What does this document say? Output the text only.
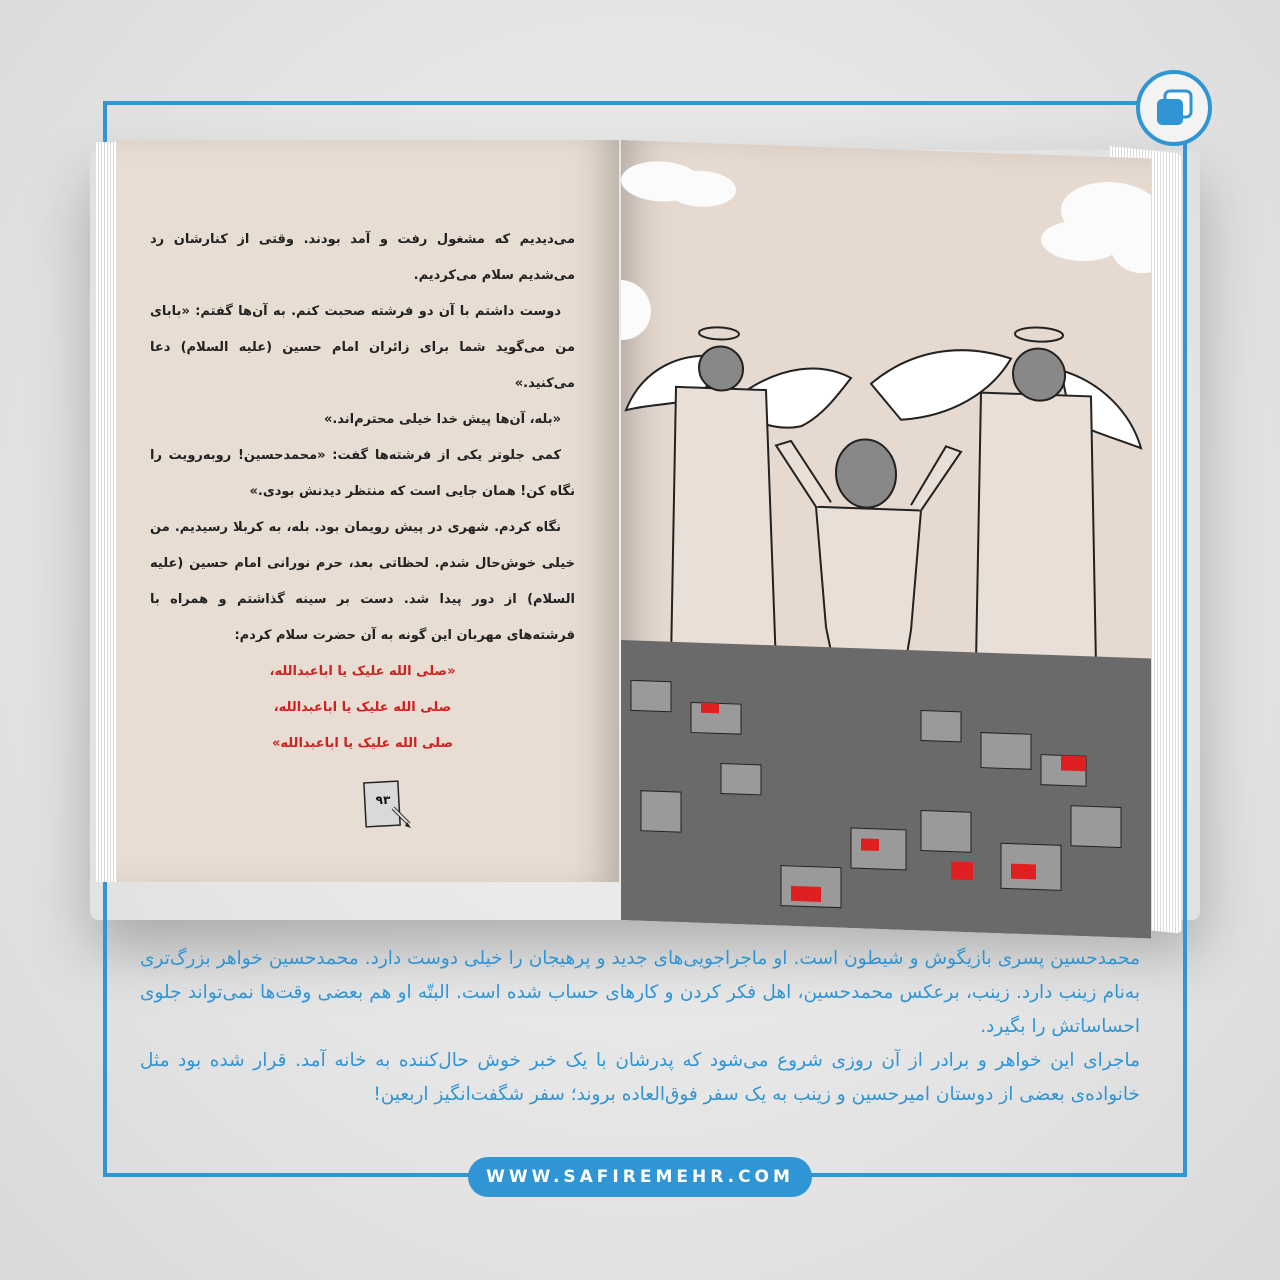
می‌دیدیم که مشغول رفت و آمد بودند. وقتی از کنارشان رد می‌شدیم سلام می‌کردیم.

دوست داشتم با آن دو فرشته صحبت کنم. به آن‌ها گفتم: «بابای من می‌گوید شما برای زائران امام حسین (علیه السلام) دعا می‌کنید.»

«بله، آن‌ها پیش خدا خیلی محترم‌اند.»

کمی جلوتر یکی از فرشته‌ها گفت: «محمدحسین! روبه‌رویت را نگاه کن! همان جایی است که منتظر دیدنش بودی.»

نگاه کردم. شهری در پیش رویمان بود. بله، به کربلا رسیدیم. من خیلی خوش‌حال شدم. لحظاتی بعد، حرم نورانی امام حسین (علیه السلام) از دور پیدا شد. دست بر سینه گذاشتم و همراه با فرشته‌های مهربان این گونه به آن حضرت سلام کردم:

«صلی الله علیک یا اباعبدالله،

صلی الله علیک یا اباعبدالله،

صلی الله علیک یا اباعبدالله»

۹۳

محمدحسین پسری بازیگوش و شیطون است. او ماجراجویی‌های جدید و پرهیجان را خیلی دوست دارد. محمدحسین خواهر بزرگ‌تری به‌نام زینب دارد. زینب، برعکس محمدحسین، اهل فکر کردن و کارهای حساب شده است. البتّه او هم بعضی وقت‌ها نمی‌تواند جلوی احساساتش را بگیرد.

ماجرای این خواهر و برادر از آن روزی شروع می‌شود که پدرشان با یک خبر خوش حال‌کننده به خانه آمد. قرار شده بود مثل خانواده‌ی بعضی از دوستان امیرحسین و زینب به یک سفر فوق‌العاده بروند؛ سفر شگفت‌انگیز اربعین!

WWW.SAFIREMEHR.COM
